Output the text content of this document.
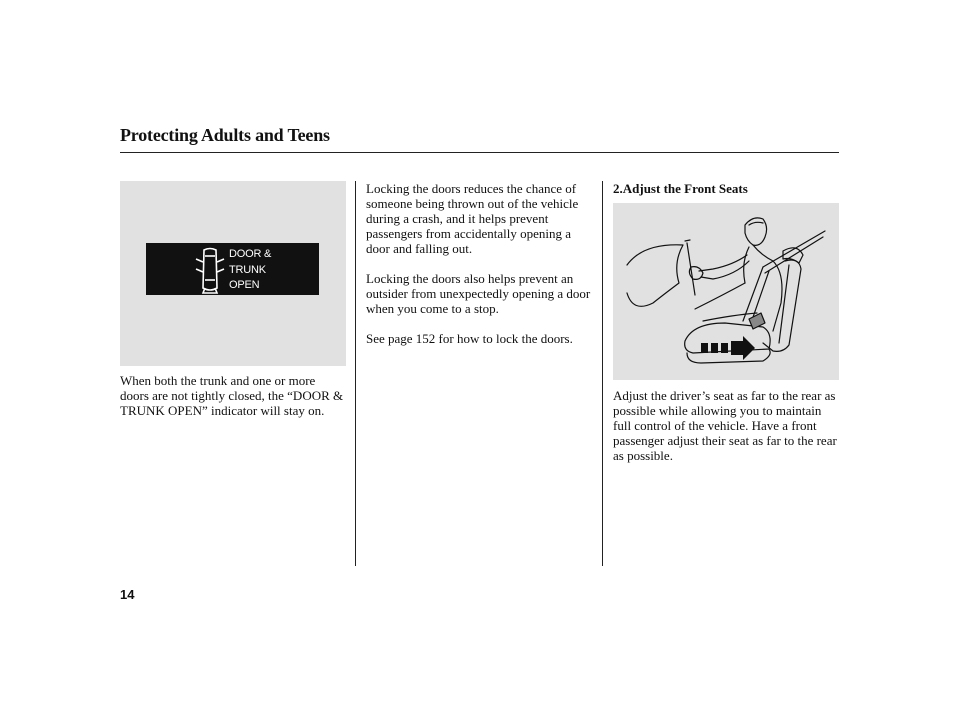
Protecting Adults and Teens
DOOR &
TRUNK
OPEN

When both the trunk and one or more doors are not tightly closed, the “DOOR & TRUNK OPEN” indicator will stay on.

Locking the doors reduces the chance of someone being thrown out of the vehicle during a crash, and it helps prevent passengers from accidentally opening a door and falling out.

Locking the doors also helps prevent an outsider from unexpectedly opening a door when you come to a stop.

See page 152 for how to lock the doors.

2.Adjust the Front Seats

Adjust the driver’s seat as far to the rear as possible while allowing you to maintain full control of the vehicle. Have a front passenger adjust their seat as far to the rear as possible.

14
